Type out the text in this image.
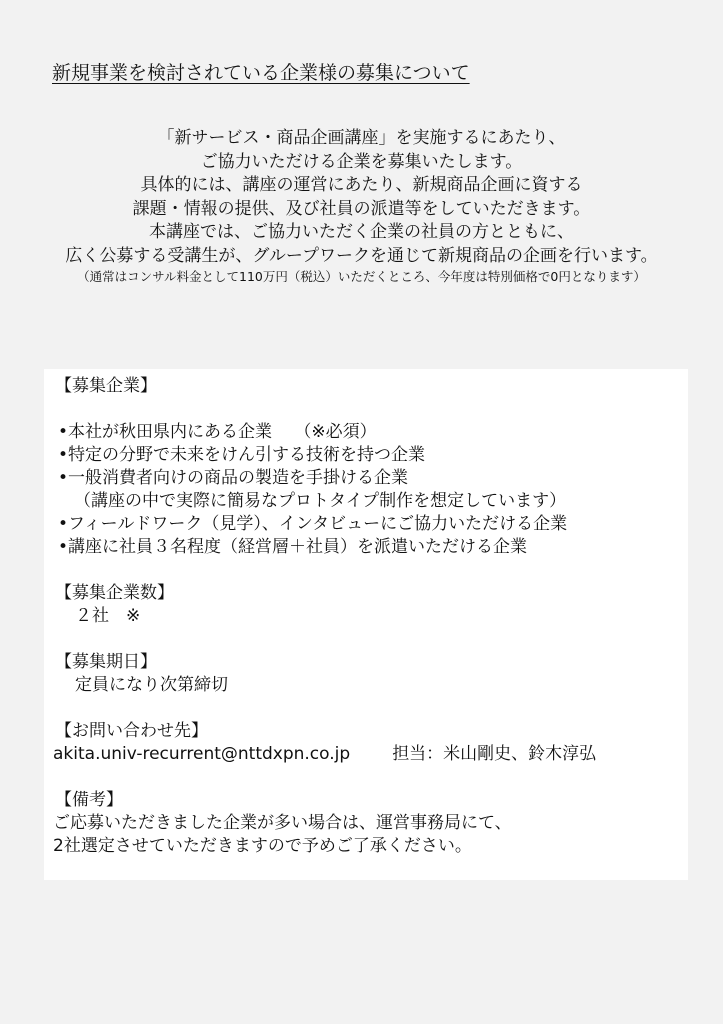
新規事業を検討されている企業様の募集について
「新サービス・商品企画講座」を実施するにあたり、
ご協力いただける企業を募集いたします。
具体的には、講座の運営にあたり、新規商品企画に資する
課題・情報の提供、及び社員の派遣等をしていただきます。
本講座では、ご協力いただく企業の社員の方とともに、
広く公募する受講生が、グループワークを通じて新規商品の企画を行います。
（通常はコンサル料金として110万円（税込）いただくところ、今年度は特別価格で0円となります）
【募集企業】
•本社が秋田県内にある企業　 （※必須）
•特定の分野で未来をけん引する技術を持つ企業
•一般消費者向けの商品の製造を手掛ける企業
（講座の中で実際に簡易なプロトタイプ制作を想定しています）
•フィールドワーク（見学）、インタビューにご協力いただける企業
•講座に社員３名程度（経営層＋社員）を派遣いただける企業
【募集企業数】
２社　※
【募集期日】
定員になり次第締切
【お問い合わせ先】
akita.univ-recurrent@nttdxpn.co.jp 担当：米山剛史、鈴木淳弘
【備考】
ご応募いただきました企業が多い場合は、運営事務局にて、
2社選定させていただきますので予めご了承ください。
